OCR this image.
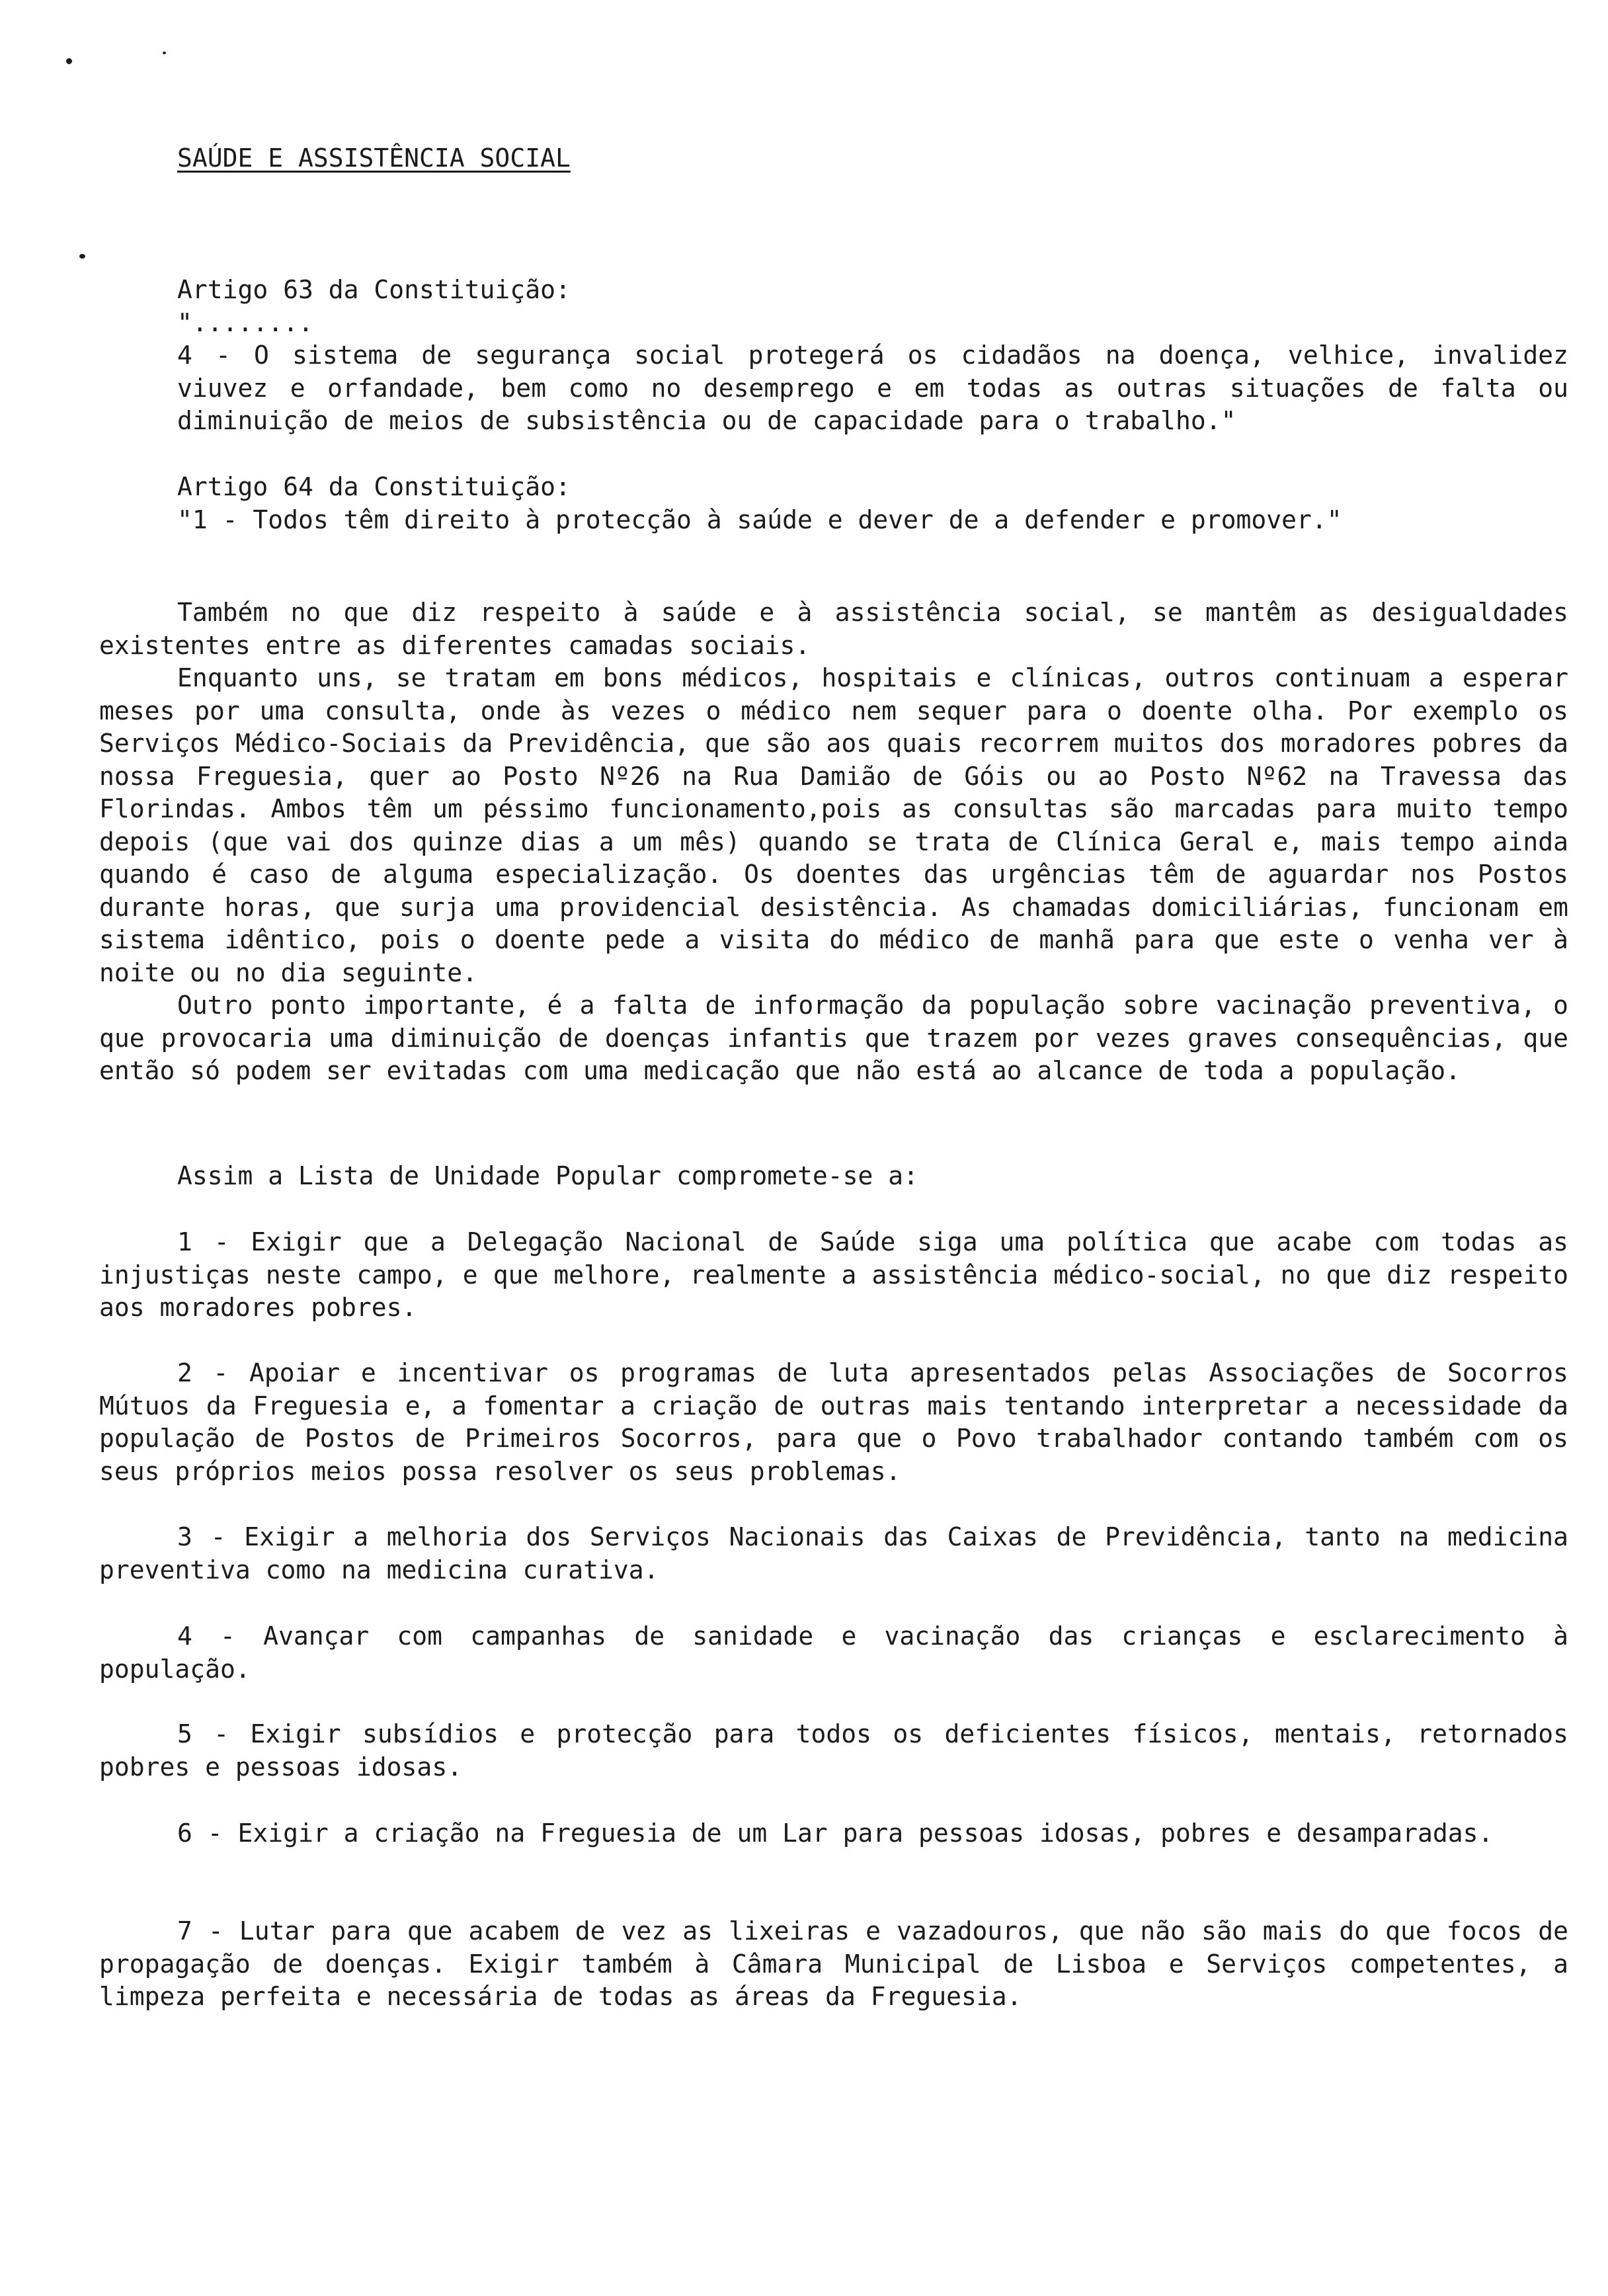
SAÚDE E ASSISTÊNCIA SOCIAL

Artigo 63 da Constituição:

"........

4 - O sistema de segurança social protegerá os cidadãos na doença, velhice, invalidez viuvez e orfandade, bem como no desemprego e em todas as outras situações de falta ou diminuição de meios de subsistência ou de capacidade para o trabalho."

Artigo 64 da Constituição:

"1 - Todos têm direito à protecção à saúde e dever de a defender e promover."

Também no que diz respeito à saúde e à assistência social, se mantêm as desigualdades existentes entre as diferentes camadas sociais.

Enquanto uns, se tratam em bons médicos, hospitais e clínicas, outros continuam a esperar meses por uma consulta, onde às vezes o médico nem sequer para o doente olha. Por exemplo os Serviços Médico-Sociais da Previdência, que são aos quais recorrem muitos dos moradores pobres da nossa Freguesia, quer ao Posto Nº26 na Rua Damião de Góis ou ao Posto Nº62 na Travessa das Florindas. Ambos têm um péssimo funcionamento,pois as consultas são marcadas para muito tempo depois (que vai dos quinze dias a um mês) quando se trata de Clínica Geral e, mais tempo ainda quando é caso de alguma especialização. Os doentes das urgências têm de aguardar nos Postos durante horas, que surja uma providencial desistência. As chamadas domiciliárias, funcionam em sistema idêntico, pois o doente pede a visita do médico de manhã para que este o venha ver à noite ou no dia seguinte.

Outro ponto importante, é a falta de informação da população sobre vacinação preventiva, o que provocaria uma diminuição de doenças infantis que trazem por vezes graves consequências, que então só podem ser evitadas com uma medicação que não está ao alcance de toda a população.

Assim a Lista de Unidade Popular compromete-se a:

1 - Exigir que a Delegação Nacional de Saúde siga uma política que acabe com todas as injustiças neste campo, e que melhore, realmente a assistência médico-social, no que diz respeito aos moradores pobres.

2 - Apoiar e incentivar os programas de luta apresentados pelas Associações de Socorros Mútuos da Freguesia e, a fomentar a criação de outras mais tentando interpretar a necessidade da população de Postos de Primeiros Socorros, para que o Povo trabalhador contando também com os seus próprios meios possa resolver os seus problemas.

3 - Exigir a melhoria dos Serviços Nacionais das Caixas de Previdência, tanto na medicina preventiva como na medicina curativa.

4 - Avançar com campanhas de sanidade e vacinação das crianças e esclarecimento à população.

5 - Exigir subsídios e protecção para todos os deficientes físicos, mentais, retornados pobres e pessoas idosas.

6 - Exigir a criação na Freguesia de um Lar para pessoas idosas, pobres e desamparadas.

7 - Lutar para que acabem de vez as lixeiras e vazadouros, que não são mais do que focos de propagação de doenças. Exigir também à Câmara Municipal de Lisboa e Serviços competentes, a limpeza perfeita e necessária de todas as áreas da Freguesia.
